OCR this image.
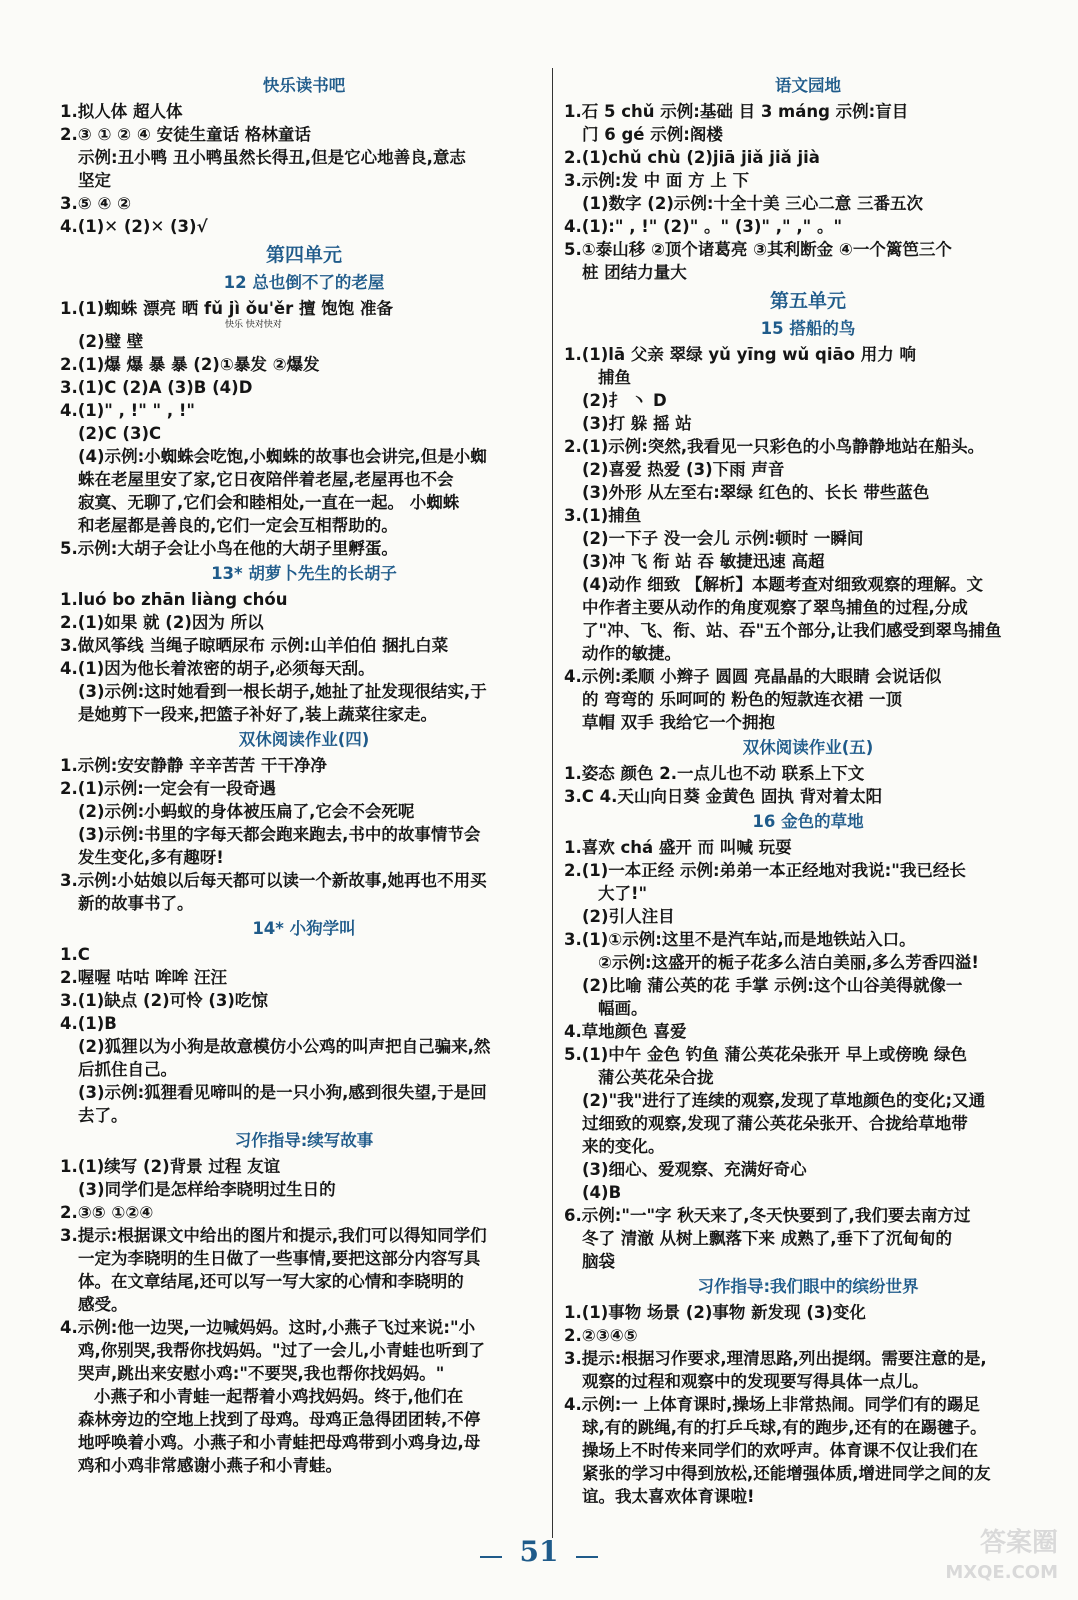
快乐读书吧
1.拟人体 超人体
2.③ ① ② ④ 安徒生童话 格林童话
示例:丑小鸭 丑小鸭虽然长得丑,但是它心地善良,意志
坚定
3.⑤ ④ ②
4.(1)✕ (2)✕ (3)√
第四单元
12 总也倒不了的老屋
1.(1)蜘蛛 漂亮 晒 fǔ jì ǒu'ěr 擅 饱饱 准备
快乐 快对快对
(2)璧 壁
2.(1)爆 爆 暴 暴 (2)①暴发 ②爆发
3.(1)C (2)A (3)B (4)D
4.(1)" , !" " , !"
(2)C (3)C
(4)示例:小蜘蛛会吃饱,小蜘蛛的故事也会讲完,但是小蜘
蛛在老屋里安了家,它日夜陪伴着老屋,老屋再也不会
寂寞、无聊了,它们会和睦相处,一直在一起。 小蜘蛛
和老屋都是善良的,它们一定会互相帮助的。
5.示例:大胡子会让小鸟在他的大胡子里孵蛋。
13* 胡萝卜先生的长胡子
1.luó bo zhān liàng chóu
2.(1)如果 就 (2)因为 所以
3.做风筝线 当绳子晾晒尿布 示例:山羊伯伯 捆扎白菜
4.(1)因为他长着浓密的胡子,必须每天刮。
(3)示例:这时她看到一根长胡子,她扯了扯发现很结实,于
是她剪下一段来,把篮子补好了,装上蔬菜往家走。
双休阅读作业(四)
1.示例:安安静静 辛辛苦苦 干干净净
2.(1)示例:一定会有一段奇遇
(2)示例:小蚂蚁的身体被压扁了,它会不会死呢
(3)示例:书里的字每天都会跑来跑去,书中的故事情节会
发生变化,多有趣呀!
3.示例:小姑娘以后每天都可以读一个新故事,她再也不用买
新的故事书了。
14* 小狗学叫
1.C
2.喔喔 咕咕 哞哞 汪汪
3.(1)缺点 (2)可怜 (3)吃惊
4.(1)B
(2)狐狸以为小狗是故意模仿小公鸡的叫声把自己骗来,然
后抓住自己。
(3)示例:狐狸看见啼叫的是一只小狗,感到很失望,于是回
去了。
习作指导:续写故事
1.(1)续写 (2)背景 过程 友谊
(3)同学们是怎样给李晓明过生日的
2.③⑤ ①②④
3.提示:根据课文中给出的图片和提示,我们可以得知同学们
一定为李晓明的生日做了一些事情,要把这部分内容写具
体。在文章结尾,还可以写一写大家的心情和李晓明的
感受。
4.示例:他一边哭,一边喊妈妈。这时,小燕子飞过来说:"小
鸡,你别哭,我帮你找妈妈。"过了一会儿,小青蛙也听到了
哭声,跳出来安慰小鸡:"不要哭,我也帮你找妈妈。"
小燕子和小青蛙一起帮着小鸡找妈妈。终于,他们在
森林旁边的空地上找到了母鸡。母鸡正急得团团转,不停
地呼唤着小鸡。小燕子和小青蛙把母鸡带到小鸡身边,母
鸡和小鸡非常感谢小燕子和小青蛙。
语文园地
1.石 5 chǔ 示例:基础 目 3 máng 示例:盲目
门 6 gé 示例:阁楼
2.(1)chǔ chù (2)jiā jiǎ jiǎ jià
3.示例:发 中 面 方 上 下
(1)数字 (2)示例:十全十美 三心二意 三番五次
4.(1):" , !" (2)" 。" (3)" ," ," 。"
5.①泰山移 ②顶个诸葛亮 ③其利断金 ④一个篱笆三个
桩 团结力量大
第五单元
15 搭船的鸟
1.(1)lā 父亲 翠绿 yǔ yīng wǔ qiāo 用力 响
捕鱼
(2)扌 丶 D
(3)打 躲 摇 站
2.(1)示例:突然,我看见一只彩色的小鸟静静地站在船头。
(2)喜爱 热爱 (3)下雨 声音
(3)外形 从左至右:翠绿 红色的、长长 带些蓝色
3.(1)捕鱼
(2)一下子 没一会儿 示例:顿时 一瞬间
(3)冲 飞 衔 站 吞 敏捷迅速 高超
(4)动作 细致 【解析】本题考查对细致观察的理解。文
中作者主要从动作的角度观察了翠鸟捕鱼的过程,分成
了"冲、飞、衔、站、吞"五个部分,让我们感受到翠鸟捕鱼
动作的敏捷。
4.示例:柔顺 小辫子 圆圆 亮晶晶的大眼睛 会说话似
的 弯弯的 乐呵呵的 粉色的短款连衣裙 一顶
草帽 双手 我给它一个拥抱
双休阅读作业(五)
1.姿态 颜色 2.一点儿也不动 联系上下文
3.C 4.天山向日葵 金黄色 固执 背对着太阳
16 金色的草地
1.喜欢 chá 盛开 而 叫喊 玩耍
2.(1)一本正经 示例:弟弟一本正经地对我说:"我已经长
大了!"
(2)引人注目
3.(1)①示例:这里不是汽车站,而是地铁站入口。
②示例:这盛开的栀子花多么洁白美丽,多么芳香四溢!
(2)比喻 蒲公英的花 手掌 示例:这个山谷美得就像一
幅画。
4.草地颜色 喜爱
5.(1)中午 金色 钓鱼 蒲公英花朵张开 早上或傍晚 绿色
蒲公英花朵合拢
(2)"我"进行了连续的观察,发现了草地颜色的变化;又通
过细致的观察,发现了蒲公英花朵张开、合拢给草地带
来的变化。
(3)细心、爱观察、充满好奇心
(4)B
6.示例:"一"字 秋天来了,冬天快要到了,我们要去南方过
冬了 清澈 从树上飘落下来 成熟了,垂下了沉甸甸的
脑袋
习作指导:我们眼中的缤纷世界
1.(1)事物 场景 (2)事物 新发现 (3)变化
2.②③④⑤
3.提示:根据习作要求,理清思路,列出提纲。需要注意的是,
观察的过程和观察中的发现要写得具体一点儿。
4.示例:一 上体育课时,操场上非常热闹。同学们有的踢足
球,有的跳绳,有的打乒乓球,有的跑步,还有的在踢毽子。
操场上不时传来同学们的欢呼声。体育课不仅让我们在
紧张的学习中得到放松,还能增强体质,增进同学之间的友
谊。我太喜欢体育课啦!
51	答案圈
MXQE.COM
